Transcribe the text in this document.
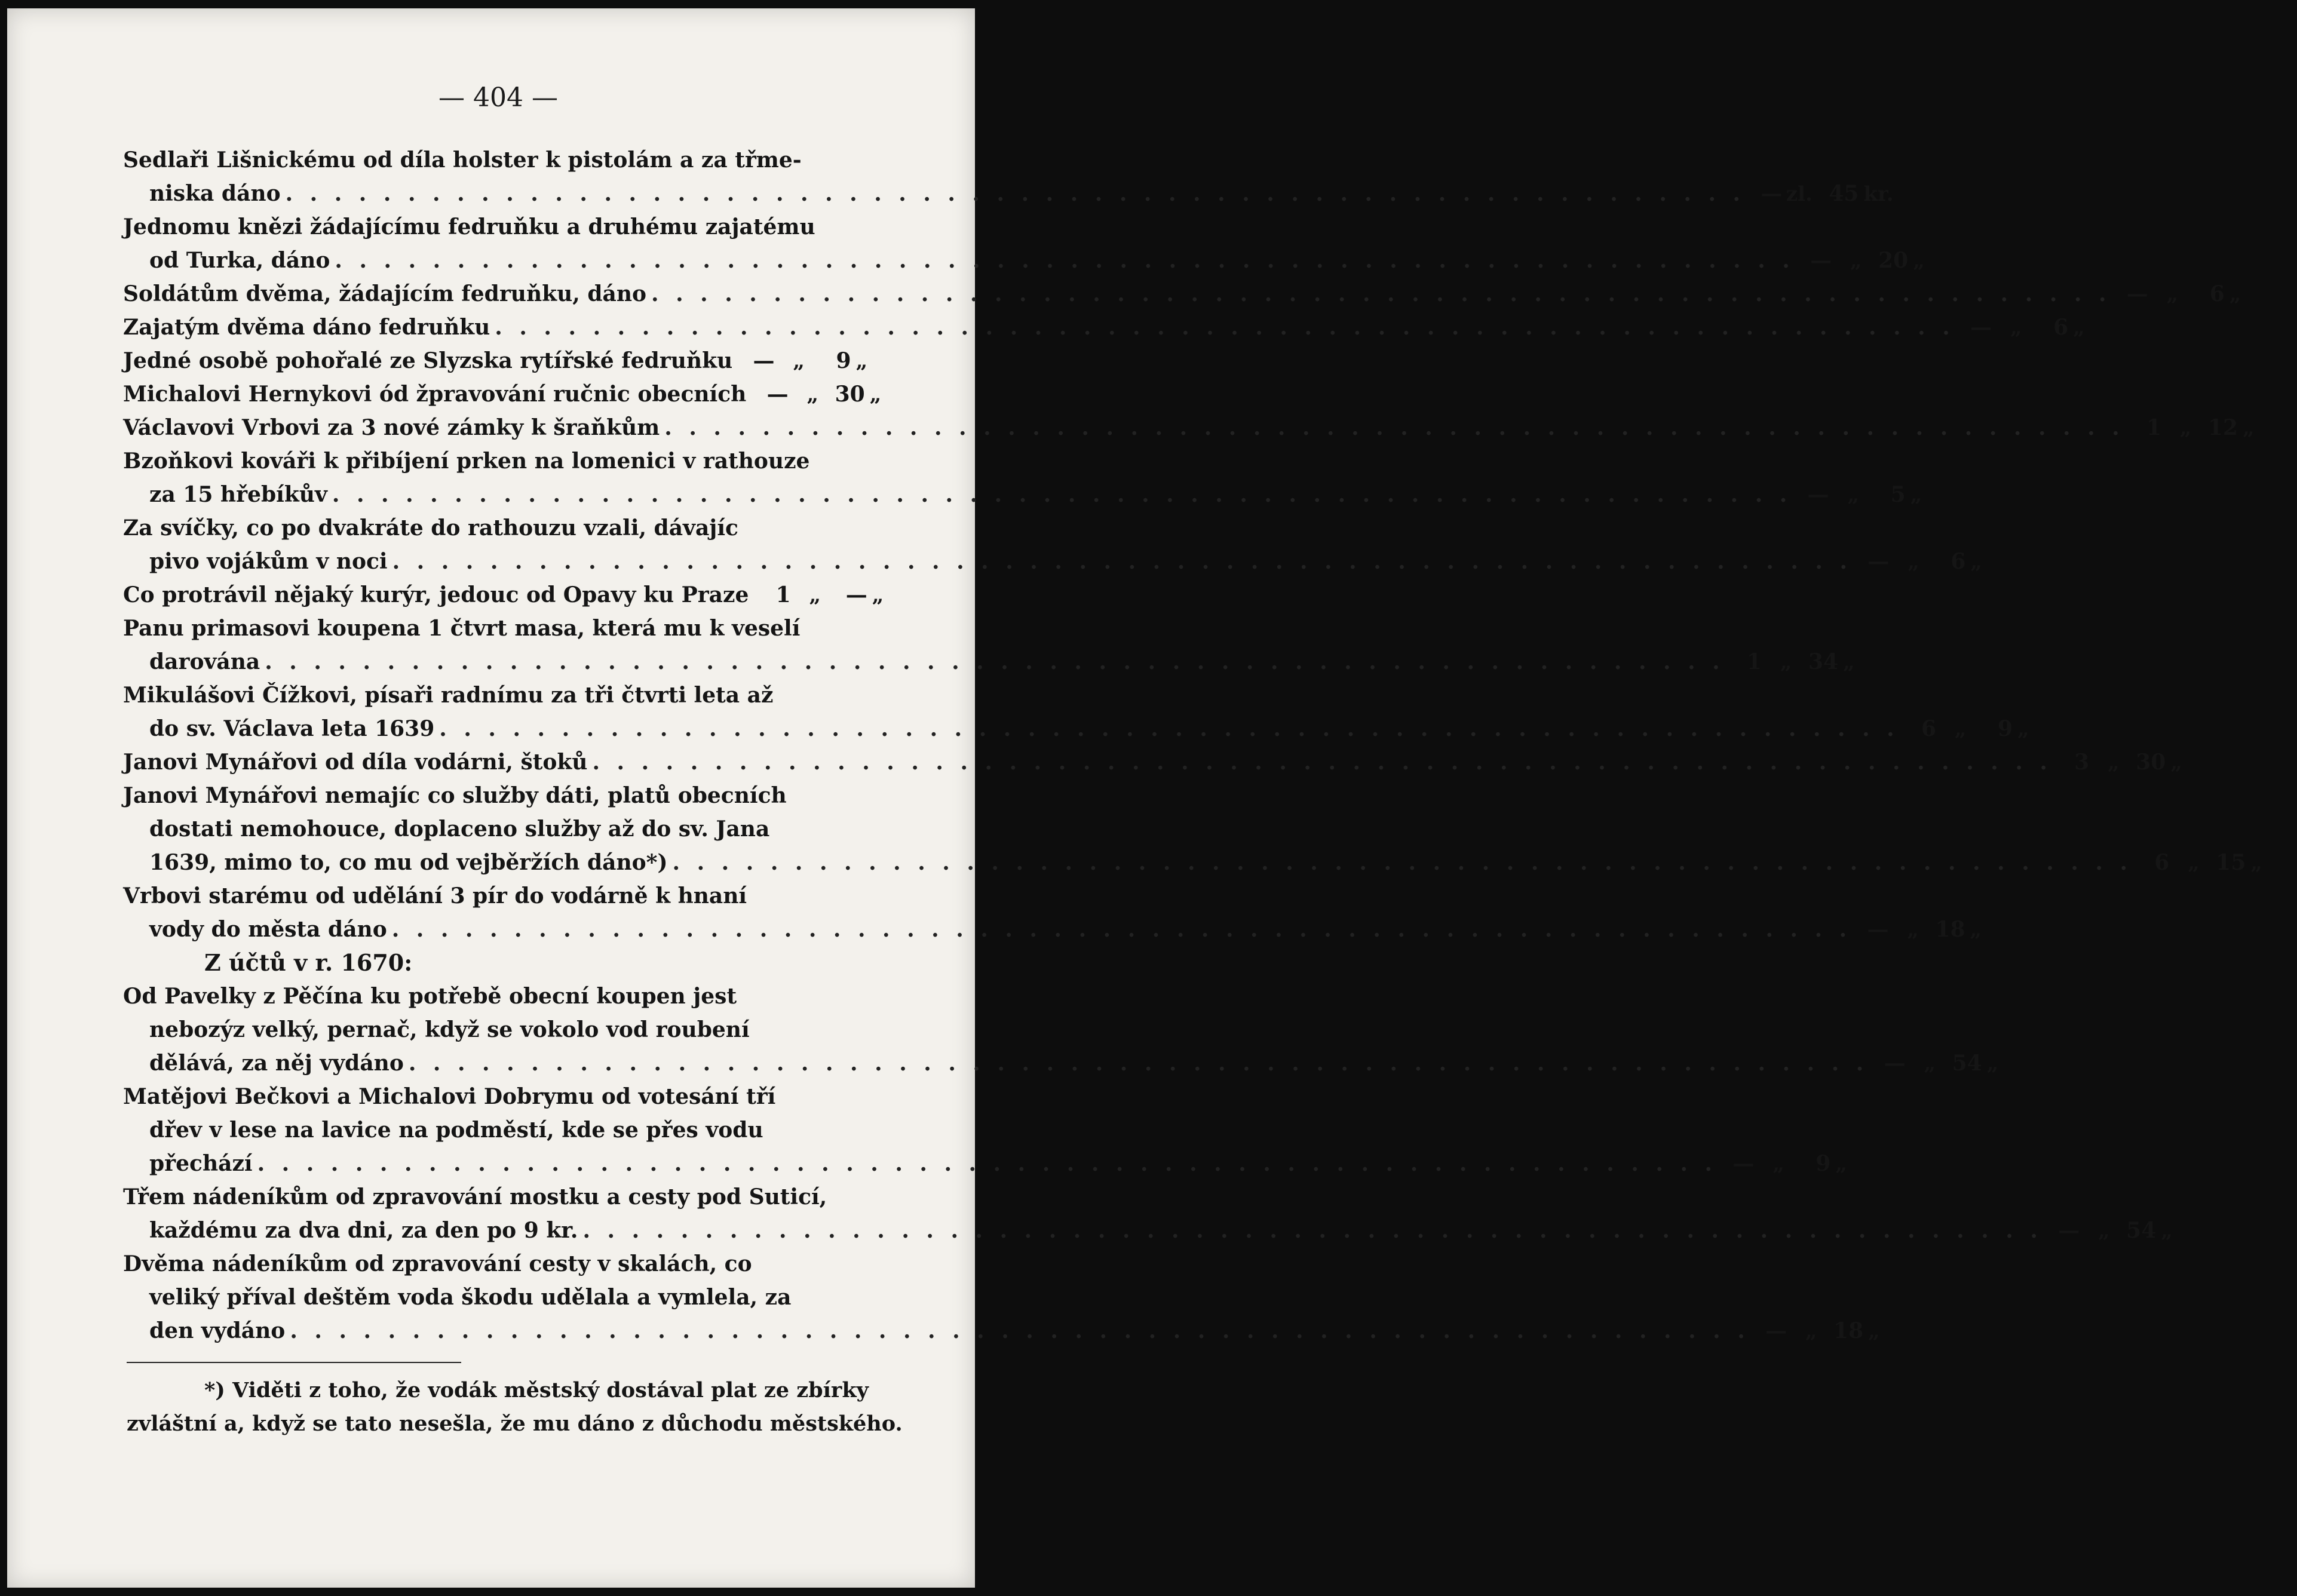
— 404 —
Sedlaři Lišnickému od díla holster k pistolám a za třme-
niska dáno . . . . . . . . . . . . . . . . . . . . . . . . . . . . . . . . . . . . . . . . . . . . . . . . . . . . . . . . . . . . — zl. 45 kr.
Jednomu knězi žádajícímu fedruňku a druhému zajatému
od Turka, dáno . . . . . . . . . . . . . . . . . . . . . . . . . . . . . . . . . . . . . . . . . . . . . . . . . . . . . . . . . . . . — „ 20 „
Soldátům dvěma, žádajícím fedruňku, dáno . . . . . . . . . . . . . . . . . . . . . . . . . . . . . . . . . . . . . . . . . . . . . . . . . . . . . . . . . . . . — „	6 „
Zajatým dvěma dáno fedruňku . . . . . . . . . . . . . . . . . . . . . . . . . . . . . . . . . . . . . . . . . . . . . . . . . . . . . . . . . . . . — „	6 „
Jedné osobě pohořalé ze Slyzska rytířské fedruňku — „	9 „
Michalovi Hernykovi ód žpravování ručnic obecních — „ 30 „
Václavovi Vrbovi za 3 nové zámky k šraňkům . . . . . . . . . . . . . . . . . . . . . . . . . . . . . . . . . . . . . . . . . . . . . . . . . . . . . . . . . . . .	1 „ 12 „
Bzoňkovi kováři k přibíjení prken na lomenici v rathouze
za 15 hřebíkův . . . . . . . . . . . . . . . . . . . . . . . . . . . . . . . . . . . . . . . . . . . . . . . . . . . . . . . . . . . . — „	5 „
Za svíčky, co po dvakráte do rathouzu vzali, dávajíc
pivo vojákům v noci . . . . . . . . . . . . . . . . . . . . . . . . . . . . . . . . . . . . . . . . . . . . . . . . . . . . . . . . . . . . — „	6 „
Co protrávil nějaký kurýr, jedouc od Opavy ku Praze	1 „	— „
Panu primasovi koupena 1 čtvrt masa, která mu k veselí
darována . . . . . . . . . . . . . . . . . . . . . . . . . . . . . . . . . . . . . . . . . . . . . . . . . . . . . . . . . . . .	1 „ 34 „
Mikulášovi Čížkovi, písaři radnímu za tři čtvrti leta až
do sv. Václava leta 1639 . . . . . . . . . . . . . . . . . . . . . . . . . . . . . . . . . . . . . . . . . . . . . . . . . . . . . . . . . . . .	6 „	9 „
Janovi Mynářovi od díla vodárni, štoků . . . . . . . . . . . . . . . . . . . . . . . . . . . . . . . . . . . . . . . . . . . . . . . . . . . . . . . . . . . .	3 „ 30 „
Janovi Mynářovi nemajíc co služby dáti, platů obecních
dostati nemohouce, doplaceno služby až do sv. Jana
1639, mimo to, co mu od vejběržích dáno*) . . . . . . . . . . . . . . . . . . . . . . . . . . . . . . . . . . . . . . . . . . . . . . . . . . . . . . . . . . . .	6 „ 15 „
Vrbovi starému od udělání 3 pír do vodárně k hnaní
vody do města dáno . . . . . . . . . . . . . . . . . . . . . . . . . . . . . . . . . . . . . . . . . . . . . . . . . . . . . . . . . . . . — „ 18 „
Z účtů v r. 1670:
Od Pavelky z Pěčína ku potřebě obecní koupen jest
nebozýz velký, pernač, když se vokolo vod roubení
dělává, za něj vydáno . . . . . . . . . . . . . . . . . . . . . . . . . . . . . . . . . . . . . . . . . . . . . . . . . . . . . . . . . . . . — „ 54 „
Matějovi Bečkovi a Michalovi Dobrymu od votesání tří
dřev v lese na lavice na podměstí, kde se přes vodu
přechází . . . . . . . . . . . . . . . . . . . . . . . . . . . . . . . . . . . . . . . . . . . . . . . . . . . . . . . . . . . . — „	9 „
Třem nádeníkům od zpravování mostku a cesty pod Suticí,
každému za dva dni, za den po 9 kr. . . . . . . . . . . . . . . . . . . . . . . . . . . . . . . . . . . . . . . . . . . . . . . . . . . . . . . . . . . . . — „ 54 „
Dvěma nádeníkům od zpravování cesty v skalách, co
veliký příval deštěm voda škodu udělala a vymlela, za
den vydáno . . . . . . . . . . . . . . . . . . . . . . . . . . . . . . . . . . . . . . . . . . . . . . . . . . . . . . . . . . . . — „ 18 „
*) Viděti z toho, že vodák městský dostával plat ze zbírky
zvláštní a, když se tato nesešla, že mu dáno z důchodu městského.
